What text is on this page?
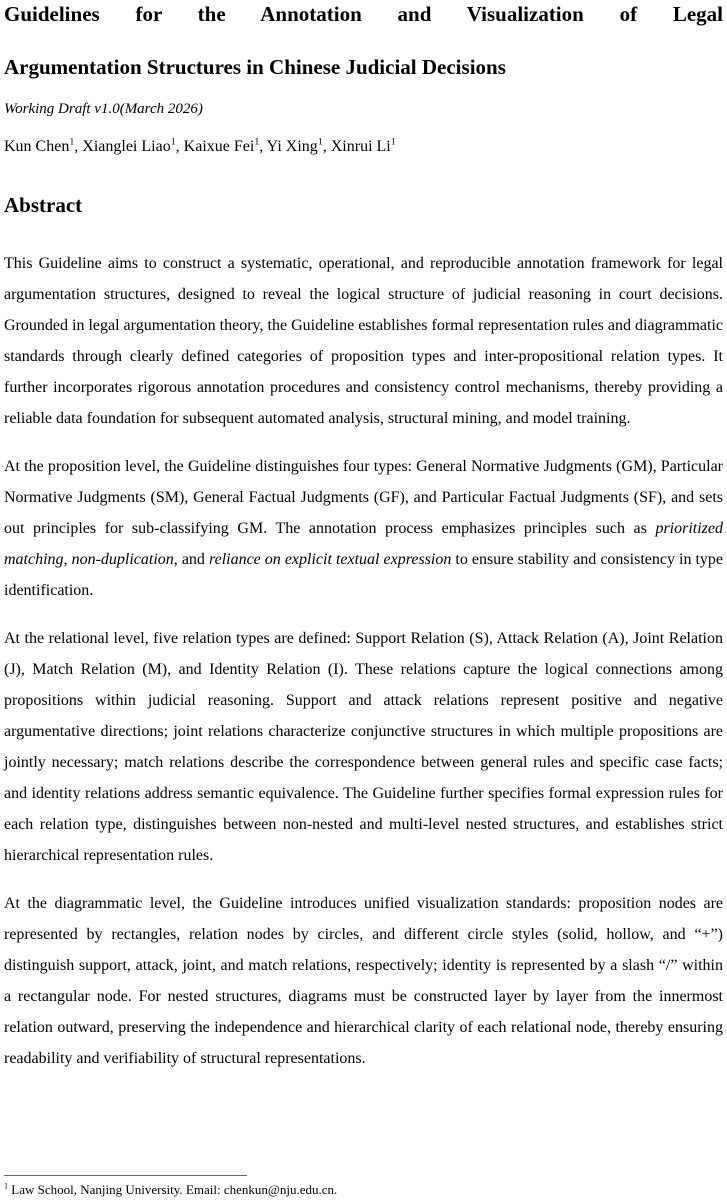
Guidelines for the Annotation and Visualization of Legal
Argumentation Structures in Chinese Judicial Decisions

Working Draft v1.0(March 2026)

Kun Chen$^1$, Xianglei Liao$^1$, Kaixue Fei$^1$, Yi Xing$^1$, Xinrui Li$^1$

Abstract

This Guideline aims to construct a systematic, operational, and reproducible annotation framework for legal argumentation structures, designed to reveal the logical structure of judicial reasoning in court decisions. Grounded in legal argumentation theory, the Guideline establishes formal representation rules and diagrammatic standards through clearly defined categories of proposition types and inter-propositional relation types. It further incorporates rigorous annotation procedures and consistency control mechanisms, thereby providing a reliable data foundation for subsequent automated analysis, structural mining, and model training.

At the proposition level, the Guideline distinguishes four types: General Normative Judgments (GM), Particular Normative Judgments (SM), General Factual Judgments (GF), and Particular Factual Judgments (SF), and sets out principles for sub-classifying GM. The annotation process emphasizes principles such as prioritized matching, non-duplication, and reliance on explicit textual expression to ensure stability and consistency in type identification.

At the relational level, five relation types are defined: Support Relation (S), Attack Relation (A), Joint Relation (J), Match Relation (M), and Identity Relation (I). These relations capture the logical connections among propositions within judicial reasoning. Support and attack relations represent positive and negative argumentative directions; joint relations characterize conjunctive structures in which multiple propositions are jointly necessary; match relations describe the correspondence between general rules and specific case facts; and identity relations address semantic equivalence. The Guideline further specifies formal expression rules for each relation type, distinguishes between non-nested and multi-level nested structures, and establishes strict hierarchical representation rules.

At the diagrammatic level, the Guideline introduces unified visualization standards: proposition nodes are represented by rectangles, relation nodes by circles, and different circle styles (solid, hollow, and “+”) distinguish support, attack, joint, and match relations, respectively; identity is represented by a slash “/” within a rectangular node. For nested structures, diagrams must be constructed layer by layer from the innermost relation outward, preserving the independence and hierarchical clarity of each relational node, thereby ensuring readability and verifiability of structural representations.

$^1$ Law School, Nanjing University. Email: chenkun@nju.edu.cn.
